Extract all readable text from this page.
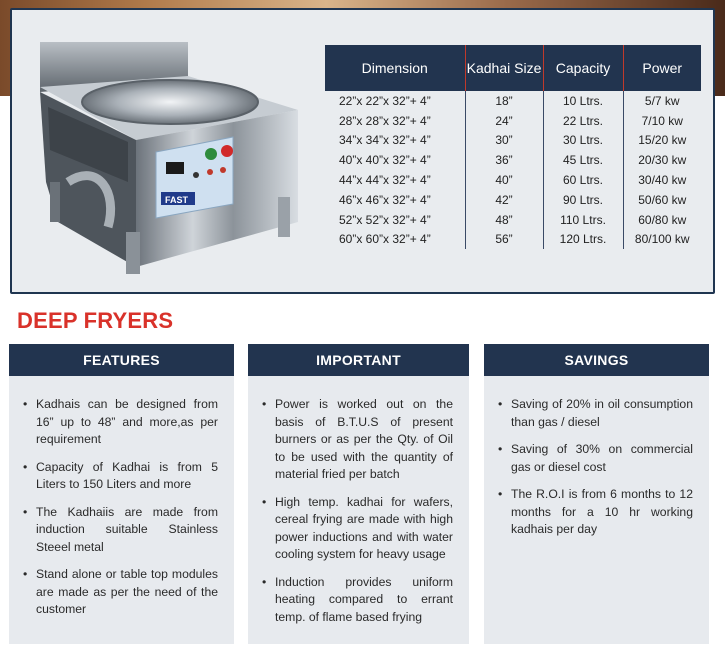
FAST
Dimension	Kadhai Size	Capacity	Power
22”x 22”x 32”+ 4”	18”	10 Ltrs.	5/7 kw
28”x 28”x 32”+ 4”	24”	22 Ltrs.	7/10 kw
34”x 34”x 32”+ 4”	30”	30 Ltrs.	15/20 kw
40”x 40”x 32”+ 4”	36”	45 Ltrs.	20/30 kw
44”x 44”x 32”+ 4”	40”	60 Ltrs.	30/40 kw
46”x 46”x 32”+ 4”	42”	90 Ltrs.	50/60 kw
52”x 52”x 32”+ 4”	48”	110 Ltrs.	60/80 kw
60”x 60”x 32”+ 4”	56”	120 Ltrs.	80/100 kw
DEEP FRYERS
FEATURES
• Kadhais can be designed from 16” up to 48” and more,as per requirement
• Capacity of Kadhai is from 5 Liters to 150 Liters and more
• The Kadhaiis are made from induction suitable Stainless Steeel metal
• Stand alone or table top modules are made as per the need of the customer
IMPORTANT
• Power is worked out on the basis of B.T.U.S of present burners or as per the Qty. of Oil to be used with the quantity of material fried per batch
• High temp. kadhai for wafers, cereal frying are made with high power inductions and with water cooling system for heavy usage
• Induction provides uniform heating compared to errant temp. of flame based frying
SAVINGS
• Saving of 20% in oil consumption than gas / diesel
• Saving of 30% on commercial gas or diesel cost
• The R.O.I is from 6 months to 12 months for a 10 hr working kadhais per day
